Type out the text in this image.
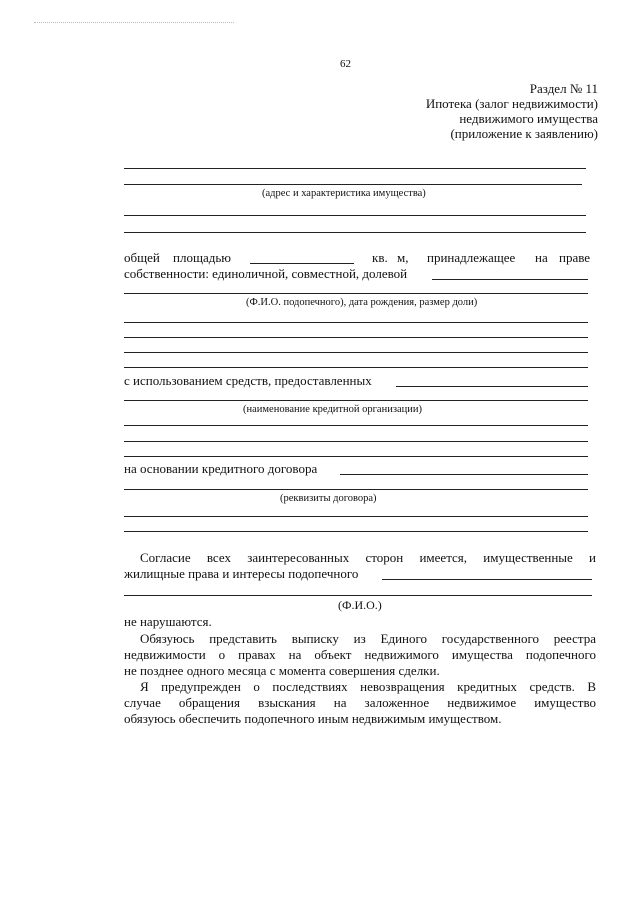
62
Раздел № 11
Ипотека (залог недвижимости)
недвижимого имущества
(приложение к заявлению)
(адрес и характеристика имущества)
общей площадью	кв. м, принадлежащее на праве
собственности: единоличной, совместной, долевой
(Ф.И.О. подопечного), дата рождения, размер доли)
с использованием средств, предоставленных
(наименование кредитной организации)
на основании кредитного договора
(реквизиты договора)
Согласие всех заинтересованных сторон имеется, имущественные и
жилищные права и интересы подопечного
(Ф.И.О.)
не нарушаются.
Обязуюсь представить выписку из Единого государственного реестра
недвижимости о правах на объект недвижимого имущества подопечного
не позднее одного месяца с момента совершения сделки.
Я предупрежден о последствиях невозвращения кредитных средств. В
случае обращения взыскания на заложенное недвижимое имущество
обязуюсь обеспечить подопечного иным недвижимым имуществом.
